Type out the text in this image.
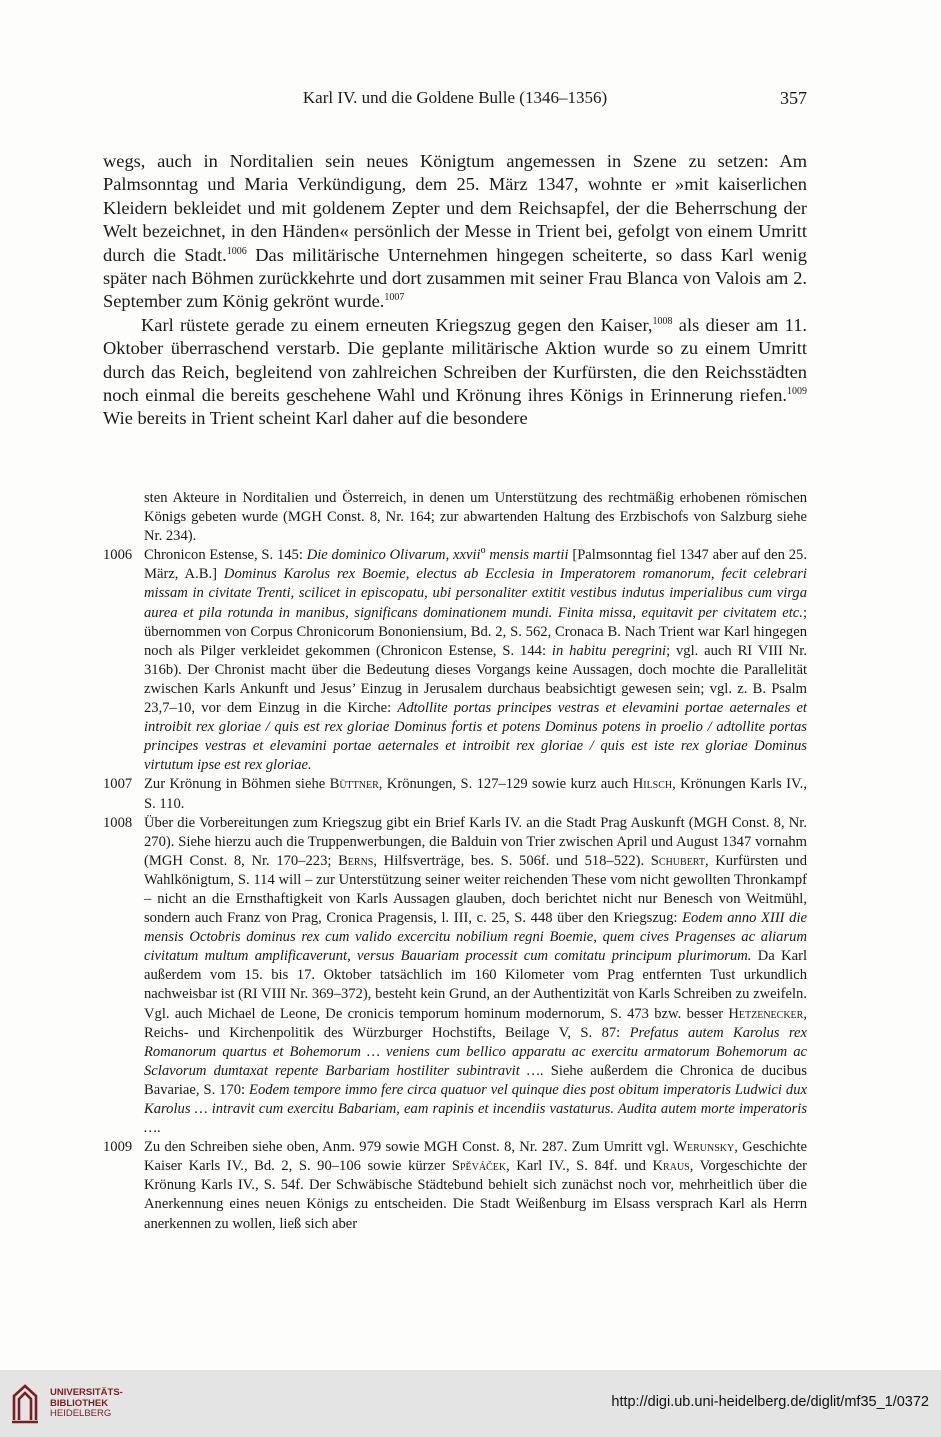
Karl IV. und die Goldene Bulle (1346–1356)	357

wegs, auch in Norditalien sein neues Königtum angemessen in Szene zu setzen: Am Palmsonntag und Maria Verkündigung, dem 25. März 1347, wohnte er »mit kaiserlichen Kleidern bekleidet und mit goldenem Zepter und dem Reichsapfel, der die Beherrschung der Welt bezeichnet, in den Händen« persönlich der Messe in Trient bei, gefolgt von einem Umritt durch die Stadt.$^{1006}$ Das militärische Unternehmen hingegen scheiterte, so dass Karl wenig später nach Böhmen zurückkehrte und dort zusammen mit seiner Frau Blanca von Valois am 2. September zum König gekrönt wurde.$^{1007}$

Karl rüstete gerade zu einem erneuten Kriegszug gegen den Kaiser,$^{1008}$ als dieser am 11. Oktober überraschend verstarb. Die geplante militärische Aktion wurde so zu einem Umritt durch das Reich, begleitend von zahlreichen Schreiben der Kurfürsten, die den Reichsstädten noch einmal die bereits geschehene Wahl und Krönung ihres Königs in Erinnerung riefen.$^{1009}$ Wie bereits in Trient scheint Karl daher auf die besondere

sten Akteure in Norditalien und Österreich, in denen um Unterstützung des rechtmäßig erhobenen römischen Königs gebeten wurde (MGH Const. 8, Nr. 164; zur abwartenden Haltung des Erzbischofs von Salzburg siehe Nr. 234).

1006 Chronicon Estense, S. 145: Die dominico Olivarum, xxvii$^o$ mensis martii [Palmsonntag fiel 1347 aber auf den 25. März, A.B.] Dominus Karolus rex Boemie, electus ab Ecclesia in Imperatorem romanorum, fecit celebrari missam in civitate Trenti, scilicet in episcopatu, ubi personaliter extitit vestibus indutus imperialibus cum virga aurea et pila rotunda in manibus, significans dominationem mundi. Finita missa, equitavit per civitatem etc.; übernommen von Corpus Chronicorum Bononiensium, Bd. 2, S. 562, Cronaca B. Nach Trient war Karl hingegen noch als Pilger verkleidet gekommen (Chronicon Estense, S. 144: in habitu peregrini; vgl. auch RI VIII Nr. 316b). Der Chronist macht über die Bedeutung dieses Vorgangs keine Aussagen, doch mochte die Parallelität zwischen Karls Ankunft und Jesus’ Einzug in Jerusalem durchaus beabsichtigt gewesen sein; vgl. z. B. Psalm 23,7–10, vor dem Einzug in die Kirche: Adtollite portas principes vestras et elevamini portae aeternales et introibit rex gloriae / quis est rex gloriae Dominus fortis et potens Dominus potens in proelio / adtollite portas principes vestras et elevamini portae aeternales et introibit rex gloriae / quis est iste rex gloriae Dominus virtutum ipse est rex gloriae.

1007 Zur Krönung in Böhmen siehe Büttner, Krönungen, S. 127–129 sowie kurz auch Hilsch, Krönungen Karls IV., S. 110.

1008 Über die Vorbereitungen zum Kriegszug gibt ein Brief Karls IV. an die Stadt Prag Auskunft (MGH Const. 8, Nr. 270). Siehe hierzu auch die Truppenwerbungen, die Balduin von Trier zwischen April und August 1347 vornahm (MGH Const. 8, Nr. 170–223; Berns, Hilfsverträge, bes. S. 506f. und 518–522). Schubert, Kurfürsten und Wahlkönigtum, S. 114 will – zur Unterstützung seiner weiter reichenden These vom nicht gewollten Thronkampf – nicht an die Ernsthaftigkeit von Karls Aussagen glauben, doch berichtet nicht nur Benesch von Weitmühl, sondern auch Franz von Prag, Cronica Pragensis, l. III, c. 25, S. 448 über den Kriegszug: Eodem anno XIII die mensis Octobris dominus rex cum valido excercitu nobilium regni Boemie, quem cives Pragenses ac aliarum civitatum multum amplificaverunt, versus Bauariam processit cum comitatu principum plurimorum. Da Karl außerdem vom 15. bis 17. Oktober tatsächlich im 160 Kilometer vom Prag entfernten Tust urkundlich nachweisbar ist (RI VIII Nr. 369–372), besteht kein Grund, an der Authentizität von Karls Schreiben zu zweifeln. Vgl. auch Michael de Leone, De cronicis temporum hominum modernorum, S. 473 bzw. besser Hetzenecker, Reichs- und Kirchenpolitik des Würzburger Hochstifts, Beilage V, S. 87: Prefatus autem Karolus rex Romanorum quartus et Bohemorum … veniens cum bellico apparatu ac exercitu armatorum Bohemorum ac Sclavorum dumtaxat repente Barbariam hostiliter subintravit …. Siehe außerdem die Chronica de ducibus Bavariae, S. 170: Eodem tempore immo fere circa quatuor vel quinque dies post obitum imperatoris Ludwici dux Karolus … intravit cum exercitu Babariam, eam rapinis et incendiis vastaturus. Audita autem morte imperatoris ….

1009 Zu den Schreiben siehe oben, Anm. 979 sowie MGH Const. 8, Nr. 287. Zum Umritt vgl. Werunsky, Geschichte Kaiser Karls IV., Bd. 2, S. 90–106 sowie kürzer Spěváček, Karl IV., S. 84f. und Kraus, Vorgeschichte der Krönung Karls IV., S. 54f. Der Schwäbische Städtebund behielt sich zunächst noch vor, mehrheitlich über die Anerkennung eines neuen Königs zu entscheiden. Die Stadt Weißenburg im Elsass versprach Karl als Herrn anerkennen zu wollen, ließ sich aber

UNIVERSITÄTS-
BIBLIOTHEK
HEIDELBERG
http://digi.ub.uni-heidelberg.de/diglit/mf35_1/0372
